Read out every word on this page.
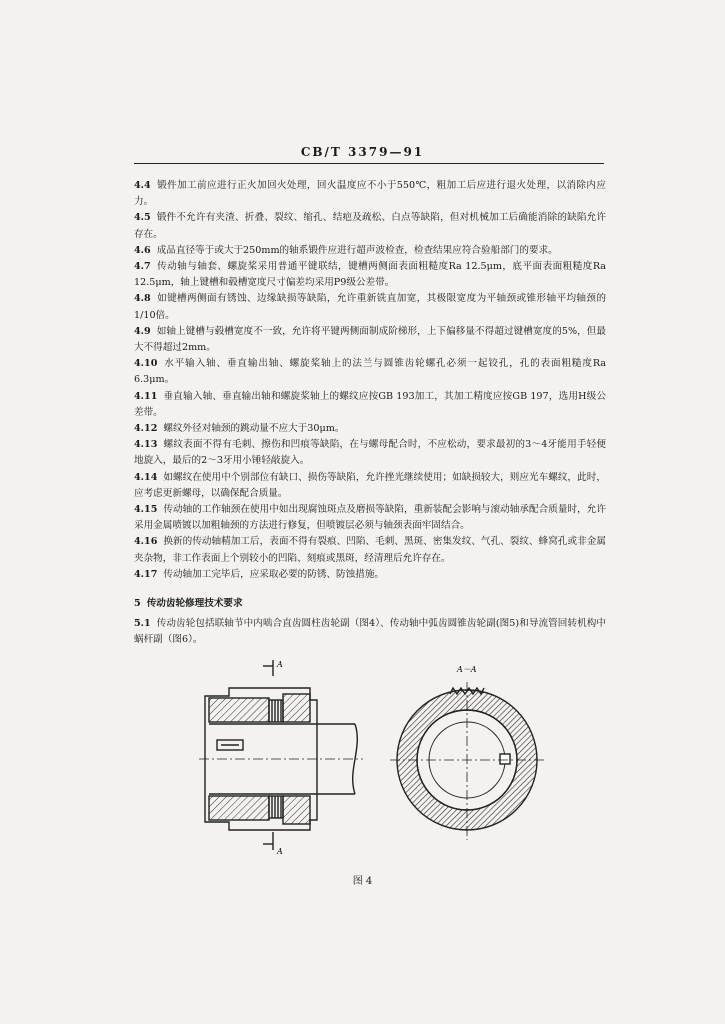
CB/T 3379—91

4.4 锻件加工前应进行正火加回火处理，回火温度应不小于550℃，粗加工后应进行退火处理，以消除内应力。

4.5 锻件不允许有夹渣、折叠、裂纹、缩孔、结疤及疏松、白点等缺陷，但对机械加工后确能消除的缺陷允许存在。

4.6 成品直径等于或大于250mm的轴系锻件应进行超声波检查，检查结果应符合验船部门的要求。

4.7 传动轴与轴套、螺旋桨采用普通平键联结，键槽两侧面表面粗糙度Ra 12.5μm，底平面表面粗糙度Ra 12.5μm，轴上键槽和毂槽宽度尺寸偏差均采用P9级公差带。

4.8 如键槽两侧面有锈蚀、边缘缺损等缺陷，允许重新铣直加宽，其极限宽度为平轴颈或锥形轴平均轴颈的1/10倍。

4.9 如轴上键槽与毂槽宽度不一致，允许将平键两侧面制成阶梯形，上下偏移量不得超过键槽宽度的5%，但最大不得超过2mm。

4.10 水平输入轴、垂直输出轴、螺旋桨轴上的法兰与圆锥齿轮螺孔必须一起铰孔，孔的表面粗糙度Ra 6.3μm。

4.11 垂直输入轴、垂直输出轴和螺旋桨轴上的螺纹应按GB 193加工，其加工精度应按GB 197，选用H级公差带。

4.12 螺纹外径对轴颈的跳动量不应大于30μm。

4.13 螺纹表面不得有毛刺、擦伤和凹痕等缺陷，在与螺母配合时，不应松动，要求最初的3～4牙能用手轻便地旋入，最后的2～3牙用小锤轻敲旋入。

4.14 如螺纹在使用中个别部位有缺口、损伤等缺陷，允许挫光继续使用；如缺损较大，则应光车螺纹，此时，应考虑更新螺母，以确保配合质量。

4.15 传动轴的工作轴颈在使用中如出现腐蚀斑点及磨损等缺陷，重新装配会影响与滚动轴承配合质量时，允许采用金属喷镀以加粗轴颈的方法进行修复，但喷镀层必须与轴颈表面牢固结合。

4.16 换新的传动轴精加工后，表面不得有裂痕、凹陷、毛刺、黑斑、密集发纹、气孔、裂纹、蜂窝孔或非金属夹杂物，非工作表面上个别较小的凹陷、刻痕或黑斑，经清理后允许存在。

4.17 传动轴加工完毕后，应采取必要的防锈、防蚀措施。

5 传动齿轮修理技术要求

5.1 传动齿轮包括联轴节中内啮合直齿圆柱齿轮副（图4）、传动轴中弧齿圆锥齿轮副(图5)和导流管回转机构中蜗杆副（图6）。

A
A
A－A
图 4
